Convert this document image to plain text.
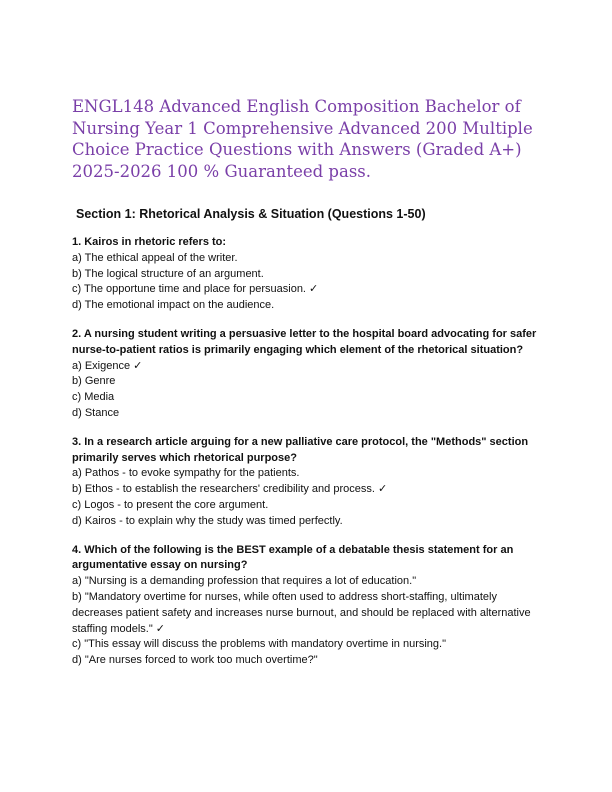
ENGL148 Advanced English Composition Bachelor of Nursing Year 1 Comprehensive Advanced 200 Multiple Choice Practice Questions with Answers (Graded A+) 2025-2026 100 % Guaranteed pass.
Section 1: Rhetorical Analysis & Situation (Questions 1-50)

1. Kairos in rhetoric refers to:

a) The ethical appeal of the writer.

b) The logical structure of an argument.

c) The opportune time and place for persuasion. ✓

d) The emotional impact on the audience.

2. A nursing student writing a persuasive letter to the hospital board advocating for safer nurse-to-patient ratios is primarily engaging which element of the rhetorical situation?

a) Exigence ✓

b) Genre

c) Media

d) Stance

3. In a research article arguing for a new palliative care protocol, the "Methods" section primarily serves which rhetorical purpose?

a) Pathos - to evoke sympathy for the patients.

b) Ethos - to establish the researchers' credibility and process. ✓

c) Logos - to present the core argument.

d) Kairos - to explain why the study was timed perfectly.

4. Which of the following is the BEST example of a debatable thesis statement for an argumentative essay on nursing?

a) "Nursing is a demanding profession that requires a lot of education."

b) "Mandatory overtime for nurses, while often used to address short-staffing, ultimately decreases patient safety and increases nurse burnout, and should be replaced with alternative staffing models." ✓

c) "This essay will discuss the problems with mandatory overtime in nursing."

d) "Are nurses forced to work too much overtime?"
